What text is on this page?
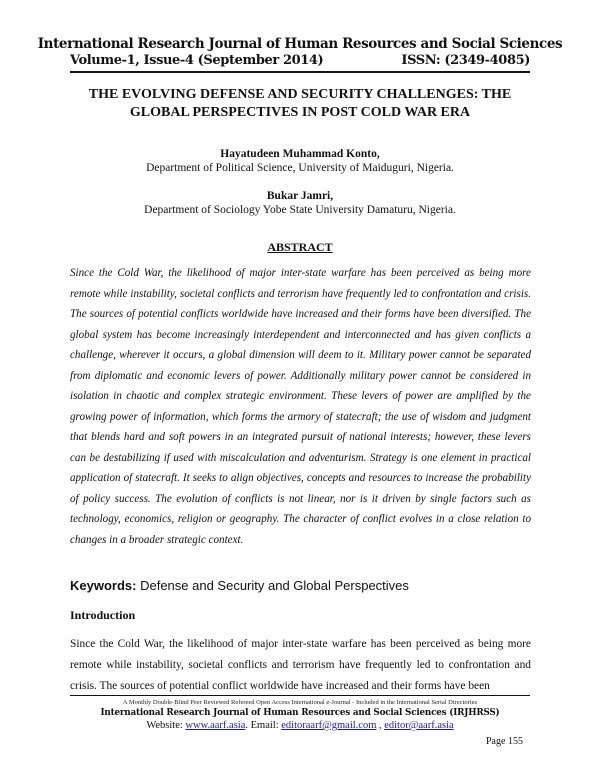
International Research Journal of Human Resources and Social Sciences
Volume-1, Issue-4 (September 2014)	ISSN: (2349-4085)
THE EVOLVING DEFENSE AND SECURITY CHALLENGES: THE
GLOBAL PERSPECTIVES IN POST COLD WAR ERA
Hayatudeen Muhammad Konto,
Department of Political Science, University of Maiduguri, Nigeria.
Bukar Jamri,
Department of Sociology Yobe State University Damaturu, Nigeria.
ABSTRACT
Since the Cold War, the likelihood of major inter-state warfare has been perceived as being more remote while instability, societal conflicts and terrorism have frequently led to confrontation and crisis. The sources of potential conflicts worldwide have increased and their forms have been diversified. The global system has become increasingly interdependent and interconnected and has given conflicts a challenge, wherever it occurs, a global dimension will deem to it. Military power cannot be separated from diplomatic and economic levers of power. Additionally military power cannot be considered in isolation in chaotic and complex strategic environment. These levers of power are amplified by the growing power of information, which forms the armory of statecraft; the use of wisdom and judgment that blends hard and soft powers in an integrated pursuit of national interests; however, these levers can be destabilizing if used with miscalculation and adventurism. Strategy is one element in practical application of statecraft. It seeks to align objectives, concepts and resources to increase the probability of policy success. The evolution of conflicts is not linear, nor is it driven by single factors such as technology, economics, religion or geography. The character of conflict evolves in a close relation to changes in a broader strategic context.
Keywords: Defense and Security and Global Perspectives
Introduction
Since the Cold War, the likelihood of major inter-state warfare has been perceived as being more remote while instability, societal conflicts and terrorism have frequently led to confrontation and crisis. The sources of potential conflict worldwide have increased and their forms have been
A Monthly Double-Blind Peer Reviewed Refereed Open Access International e-Journal - Included in the International Serial Directories
International Research Journal of Human Resources and Social Sciences (IRJHRSS)
Website: www.aarf.asia. Email: editoraarf@gmail.com , editor@aarf.asia
Page 155
